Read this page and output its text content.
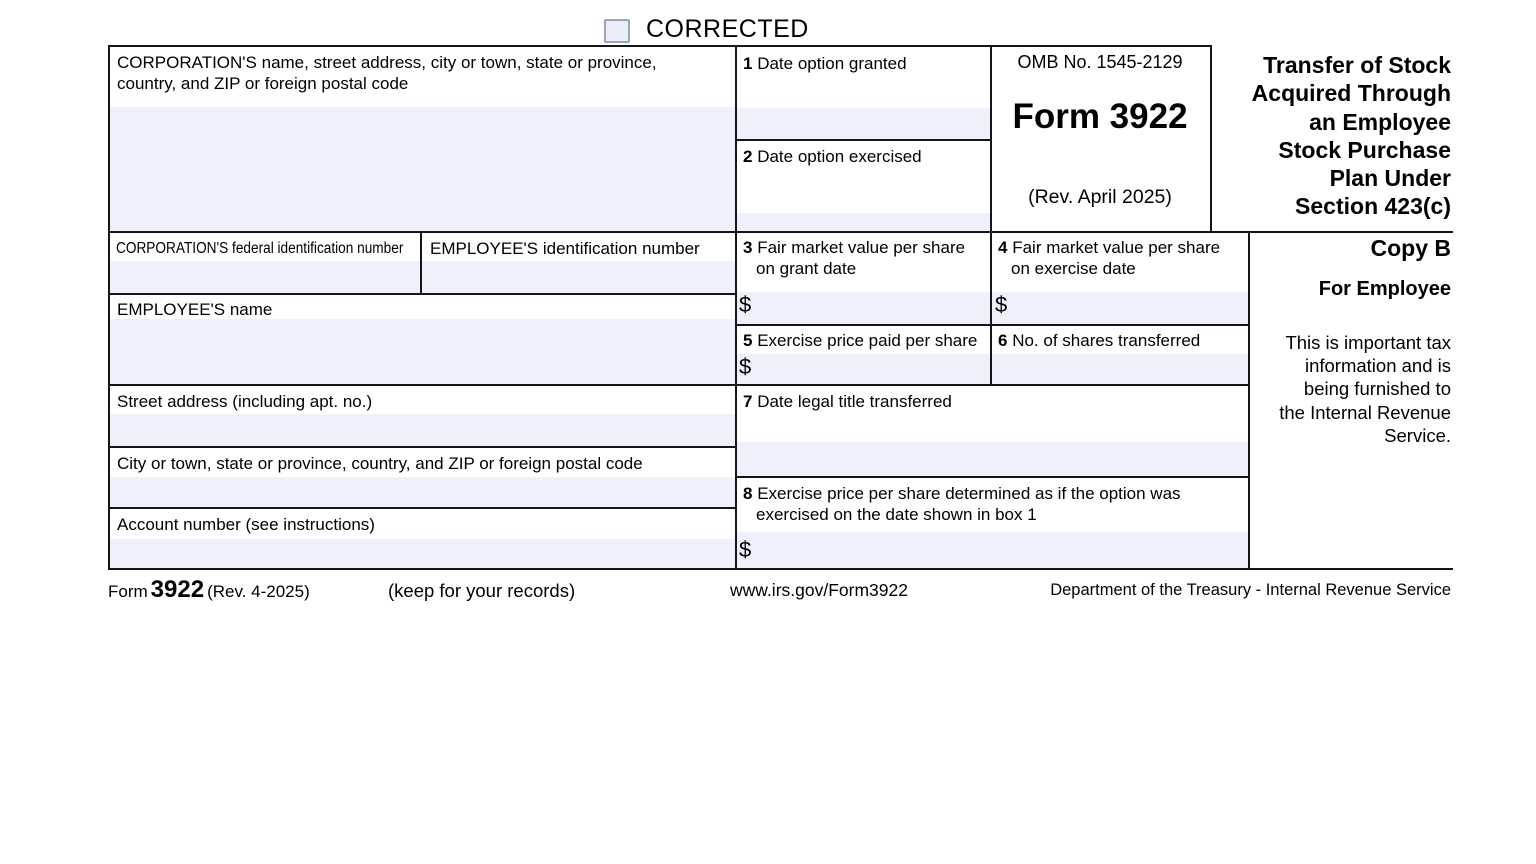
CORRECTED
CORPORATION'S name, street address, city or town, state or province,
country, and ZIP or foreign postal code
CORPORATION'S federal identification number EMPLOYEE'S identification number
EMPLOYEE'S name
Street address (including apt. no.)
City or town, state or province, country, and ZIP or foreign postal code
Account number (see instructions)
1 Date option granted
2 Date option exercised
3 Fair market value per share
on grant date
4 Fair market value per share
on exercise date
5 Exercise price paid per share 6 No. of shares transferred
7 Date legal title transferred
8 Exercise price per share determined as if the option was
exercised on the date shown in box 1
$	$
$
$
OMB No. 1545-2129
Form 3922
(Rev. April 2025)
Transfer of Stock
Acquired Through
an Employee
Stock Purchase
Plan Under
Section 423(c)
Copy B
For Employee
This is important tax
information and is
being furnished to
the Internal Revenue
Service.
Form 3922 (Rev. 4-2025)	(keep for your records)	www.irs.gov/Form3922	Department of the Treasury - Internal Revenue Service
